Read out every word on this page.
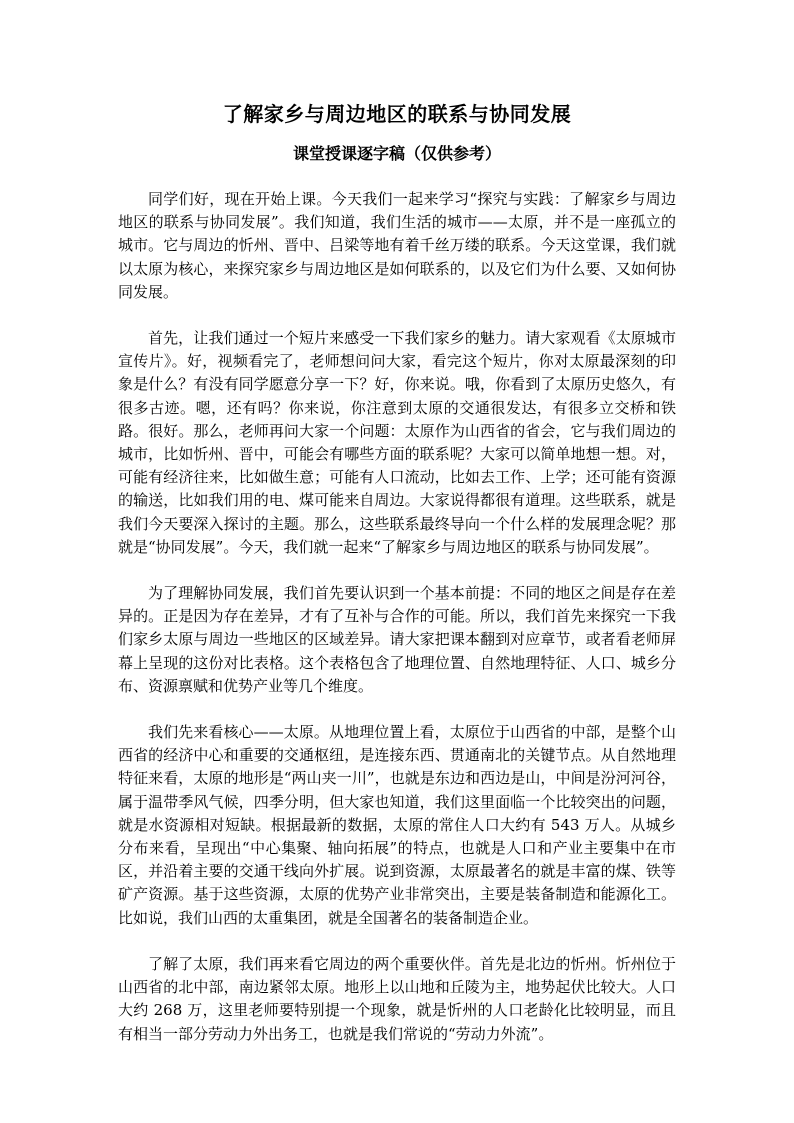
了解家乡与周边地区的联系与协同发展
课堂授课逐字稿（仅供参考）

同学们好，现在开始上课。今天我们一起来学习“探究与实践：了解家乡与周边地区的联系与协同发展”。我们知道，我们生活的城市——太原，并不是一座孤立的城市。它与周边的忻州、晋中、吕梁等地有着千丝万缕的联系。今天这堂课，我们就以太原为核心，来探究家乡与周边地区是如何联系的，以及它们为什么要、又如何协同发展。

首先，让我们通过一个短片来感受一下我们家乡的魅力。请大家观看《太原城市宣传片》。好，视频看完了，老师想问问大家，看完这个短片，你对太原最深刻的印象是什么？有没有同学愿意分享一下？好，你来说。哦，你看到了太原历史悠久，有很多古迹。嗯，还有吗？你来说，你注意到太原的交通很发达，有很多立交桥和铁路。很好。那么，老师再问大家一个问题：太原作为山西省的省会，它与我们周边的城市，比如忻州、晋中，可能会有哪些方面的联系呢？大家可以简单地想一想。对，可能有经济往来，比如做生意；可能有人口流动，比如去工作、上学；还可能有资源的输送，比如我们用的电、煤可能来自周边。大家说得都很有道理。这些联系，就是我们今天要深入探讨的主题。那么，这些联系最终导向一个什么样的发展理念呢？那就是“协同发展”。今天，我们就一起来“了解家乡与周边地区的联系与协同发展”。

为了理解协同发展，我们首先要认识到一个基本前提：不同的地区之间是存在差异的。正是因为存在差异，才有了互补与合作的可能。所以，我们首先来探究一下我们家乡太原与周边一些地区的区域差异。请大家把课本翻到对应章节，或者看老师屏幕上呈现的这份对比表格。这个表格包含了地理位置、自然地理特征、人口、城乡分布、资源禀赋和优势产业等几个维度。

我们先来看核心——太原。从地理位置上看，太原位于山西省的中部，是整个山西省的经济中心和重要的交通枢纽，是连接东西、贯通南北的关键节点。从自然地理特征来看，太原的地形是“两山夹一川”，也就是东边和西边是山，中间是汾河河谷，属于温带季风气候，四季分明，但大家也知道，我们这里面临一个比较突出的问题，就是水资源相对短缺。根据最新的数据，太原的常住人口大约有 543 万人。从城乡分布来看，呈现出“中心集聚、轴向拓展”的特点，也就是人口和产业主要集中在市区，并沿着主要的交通干线向外扩展。说到资源，太原最著名的就是丰富的煤、铁等矿产资源。基于这些资源，太原的优势产业非常突出，主要是装备制造和能源化工。比如说，我们山西的太重集团，就是全国著名的装备制造企业。

了解了太原，我们再来看它周边的两个重要伙伴。首先是北边的忻州。忻州位于山西省的北中部，南边紧邻太原。地形上以山地和丘陵为主，地势起伏比较大。人口大约 268 万，这里老师要特别提一个现象，就是忻州的人口老龄化比较明显，而且有相当一部分劳动力外出务工，也就是我们常说的“劳动力外流”。
